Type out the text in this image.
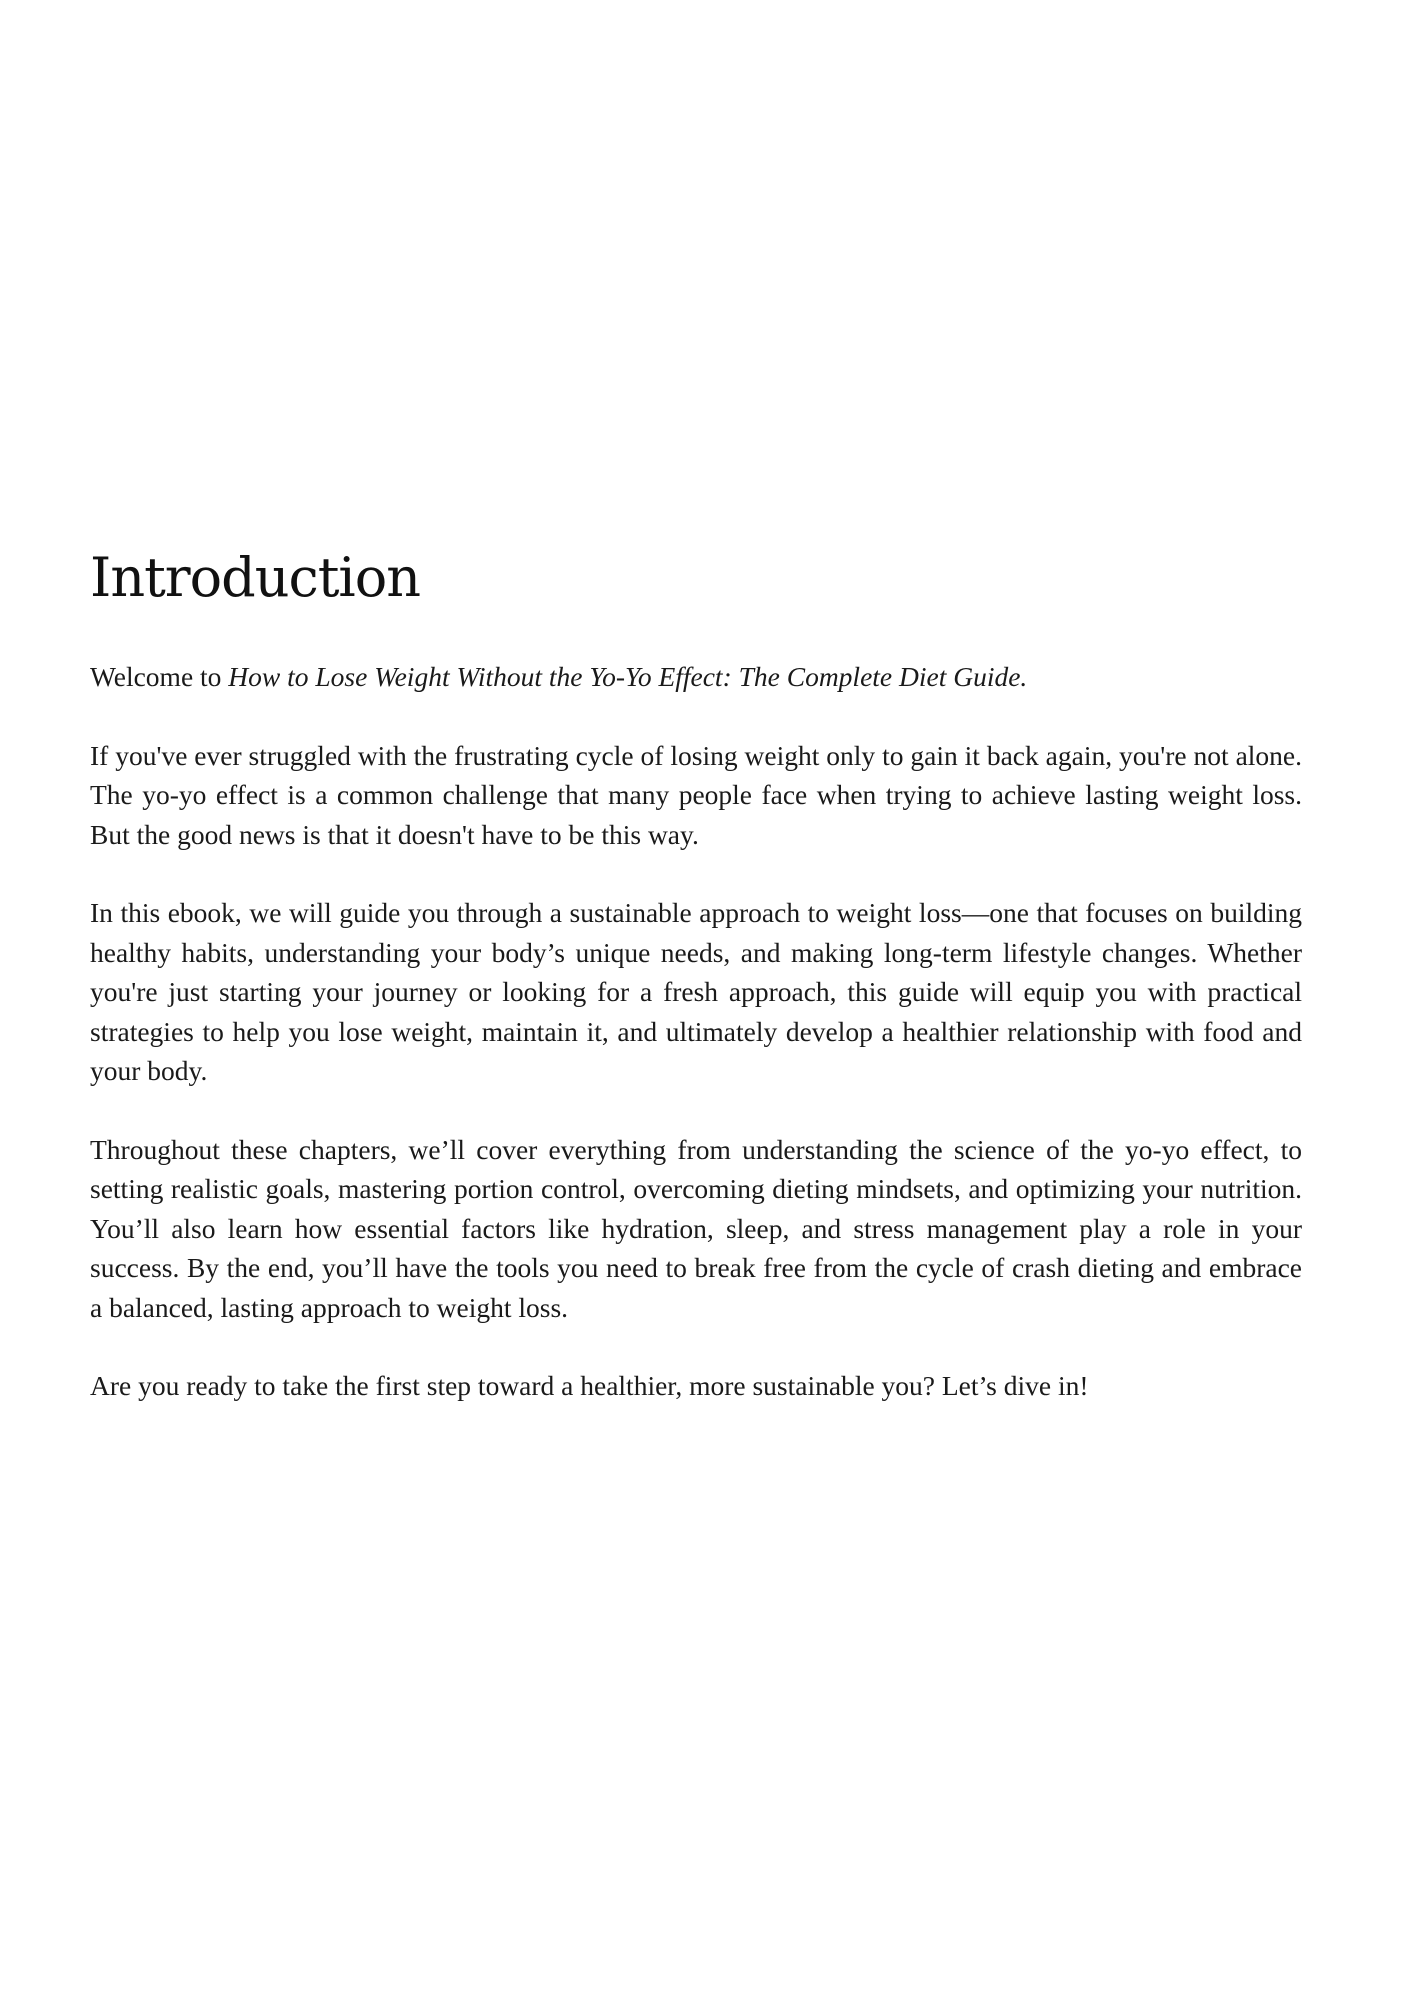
Introduction

Welcome to How to Lose Weight Without the Yo-Yo Effect: The Complete Diet Guide.

If you've ever struggled with the frustrating cycle of losing weight only to gain it back again, you're not alone. The yo-yo effect is a common challenge that many people face when trying to achieve lasting weight loss. But the good news is that it doesn't have to be this way.

In this ebook, we will guide you through a sustainable approach to weight loss—one that focuses on building healthy habits, understanding your body’s unique needs, and making long-term lifestyle changes. Whether you're just starting your journey or looking for a fresh approach, this guide will equip you with practical strategies to help you lose weight, maintain it, and ultimately develop a healthier relationship with food and your body.

Throughout these chapters, we’ll cover everything from understanding the science of the yo-yo effect, to setting realistic goals, mastering portion control, overcoming dieting mindsets, and optimizing your nutrition. You’ll also learn how essential factors like hydration, sleep, and stress management play a role in your success. By the end, you’ll have the tools you need to break free from the cycle of crash dieting and embrace a balanced, lasting approach to weight loss.

Are you ready to take the first step toward a healthier, more sustainable you? Let’s dive in!
